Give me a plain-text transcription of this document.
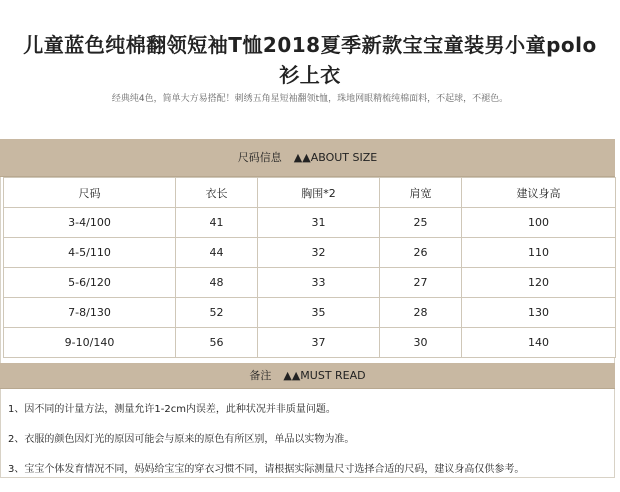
儿童蓝色纯棉翻领短袖T恤2018夏季新款宝宝童装男小童polo
衫上衣
经典纯4色，简单大方易搭配！刺绣五角星短袖翻领t恤，珠地网眼精梳纯棉面料，不起球，不褪色。
尺码信息 ▲▲ABOUT SIZE
尺码	衣长	胸围*2	肩宽	建议身高
3-4/100	41	31	25	100
4-5/110	44	32	26	110
5-6/120	48	33	27	120
7-8/130	52	35	28	130
9-10/140	56	37	30	140
备注 ▲▲MUST READ
1、因不同的计量方法，测量允许1-2cm内误差，此种状况并非质量问题。
2、衣服的颜色因灯光的原因可能会与原来的原色有所区别，单品以实物为准。
3、宝宝个体发育情况不同，妈妈给宝宝的穿衣习惯不同，请根据实际测量尺寸选择合适的尺码，建议身高仅供参考。
